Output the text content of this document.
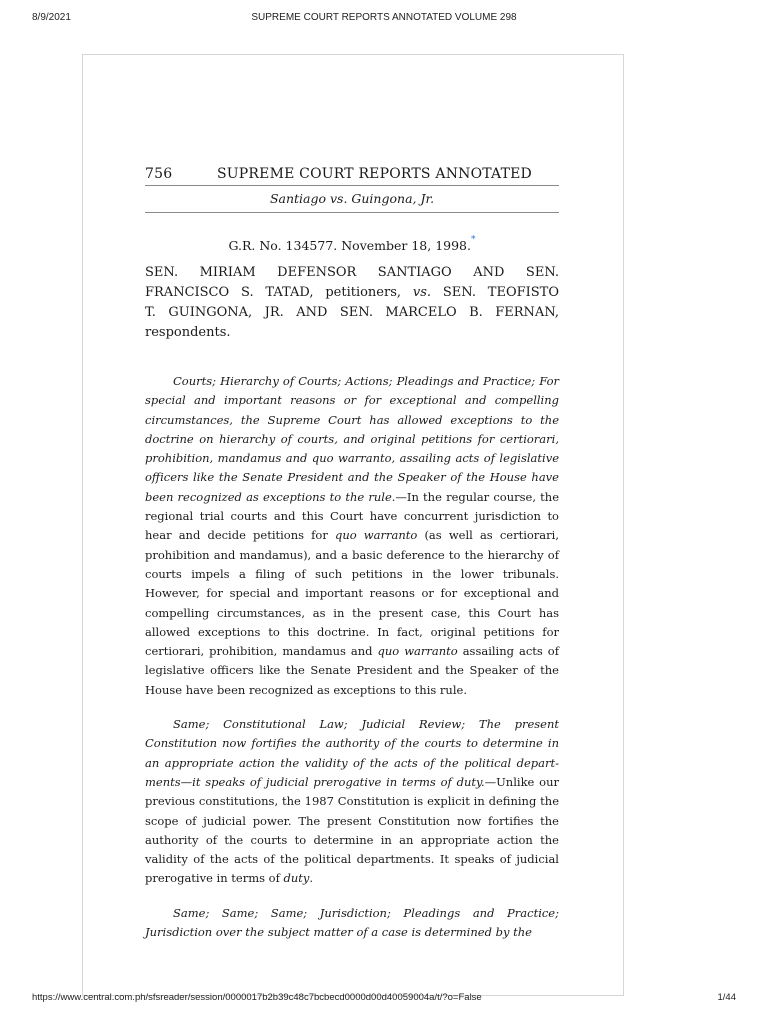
8/9/2021	SUPREME COURT REPORTS ANNOTATED VOLUME 298
756	SUPREME COURT REPORTS ANNOTATED
Santiago vs. Guingona, Jr.
G.R. No. 134577. November 18, 1998.*
SEN. MIRIAM DEFENSOR SANTIAGO AND SEN.
FRANCISCO S. TATAD, petitioners, vs. SEN. TEOFISTO
T. GUINGONA, JR. AND SEN. MARCELO B. FERNAN,
respondents.

Courts; Hierarchy of Courts; Actions; Pleadings and Practice; For special and important reasons or for exceptional and compelling circumstances, the Supreme Court has allowed exceptions to the doctrine on hierarchy of courts, and original petitions for certiorari, prohibition, mandamus and quo warranto, assailing acts of legislative officers like the Senate President and the Speaker of the House have been recognized as exceptions to the rule.—In the regular course, the regional trial courts and this Court have concurrent jurisdiction to hear and decide petitions for quo warranto (as well as certiorari, prohibition and mandamus), and a basic deference to the hierarchy of courts impels a filing of such petitions in the lower tribunals. However, for special and important reasons or for exceptional and compelling circumstances, as in the present case, this Court has allowed exceptions to this doctrine. In fact, original petitions for certiorari, prohibition, mandamus and quo warranto assailing acts of legislative officers like the Senate President and the Speaker of the House have been recognized as exceptions to this rule.

Same; Constitutional Law; Judicial Review; The present Constitution now fortifies the authority of the courts to determine in an appropriate action the validity of the acts of the political depart-ments—it speaks of judicial prerogative in terms of duty.—Unlike our previous constitutions, the 1987 Constitution is explicit in defining the scope of judicial power. The present Constitution now fortifies the authority of the courts to determine in an appropriate action the validity of the acts of the political departments. It speaks of judicial prerogative in terms of duty.

Same; Same; Same; Jurisdiction; Pleadings and Practice; Jurisdiction over the subject matter of a case is determined by the

https://www.central.com.ph/sfsreader/session/0000017b2b39c48c7bcbecd0000d00d40059004a/t/?o=False	1/44
